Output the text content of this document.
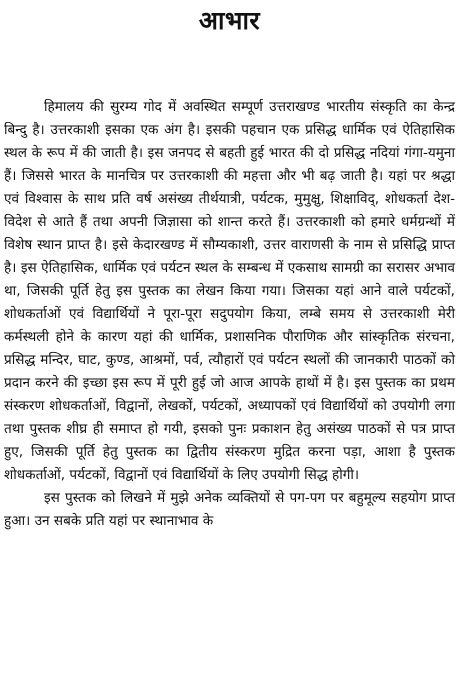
आभार

हिमालय की सुरम्य गोद में अवस्थित सम्पूर्ण उत्तराखण्ड भारतीय संस्कृति का केन्द्र बिन्दु है। उत्तरकाशी इसका एक अंग है। इसकी पहचान एक प्रसिद्ध धार्मिक एवं ऐतिहासिक स्थल के रूप में की जाती है। इस जनपद से बहती हुई भारत की दो प्रसिद्ध नदियां गंगा-यमुना हैं। जिससे भारत के मानचित्र पर उत्तरकाशी की महत्ता और भी बढ़ जाती है। यहां पर श्रद्धा एवं विश्वास के साथ प्रति वर्ष असंख्य तीर्थयात्री, पर्यटक, मुमुक्षु, शिक्षाविद्, शोधकर्ता देश-विदेश से आते हैं तथा अपनी जिज्ञासा को शान्त करते हैं। उत्तरकाशी को हमारे धर्मग्रन्थों में विशेष स्थान प्राप्त है। इसे केदारखण्ड में सौम्यकाशी, उत्तर वाराणसी के नाम से प्रसिद्धि प्राप्त है। इस ऐतिहासिक, धार्मिक एवं पर्यटन स्थल के सम्बन्ध में एकसाथ सामग्री का सरासर अभाव था, जिसकी पूर्ति हेतु इस पुस्तक का लेखन किया गया। जिसका यहां आने वाले पर्यटकों, शोधकर्ताओं एवं विद्यार्थियों ने पूरा-पूरा सदुपयोग किया, लम्बे समय से उत्तरकाशी मेरी कर्मस्थली होने के कारण यहां की धार्मिक, प्रशासनिक पौराणिक और सांस्कृतिक संरचना, प्रसिद्ध मन्दिर, घाट, कुण्ड, आश्रमों, पर्व, त्यौहारों एवं पर्यटन स्थलों की जानकारी पाठकों को प्रदान करने की इच्छा इस रूप में पूरी हुई जो आज आपके हाथों में है। इस पुस्तक का प्रथम संस्करण शोधकर्ताओं, विद्वानों, लेखकों, पर्यटकों, अध्यापकों एवं विद्यार्थियों को उपयोगी लगा तथा पुस्तक शीघ्र ही समाप्त हो गयी, इसको पुनः प्रकाशन हेतु असंख्य पाठकों से पत्र प्राप्त हुए, जिसकी पूर्ति हेतु पुस्तक का द्वितीय संस्करण मुद्रित करना पड़ा, आशा है पुस्तक शोधकर्ताओं, पर्यटकों, विद्वानों एवं विद्यार्थियों के लिए उपयोगी सिद्ध होगी।

इस पुस्तक को लिखने में मुझे अनेक व्यक्तियों से पग-पग पर बहुमूल्य सहयोग प्राप्त हुआ। उन सबके प्रति यहां पर स्थानाभाव के
